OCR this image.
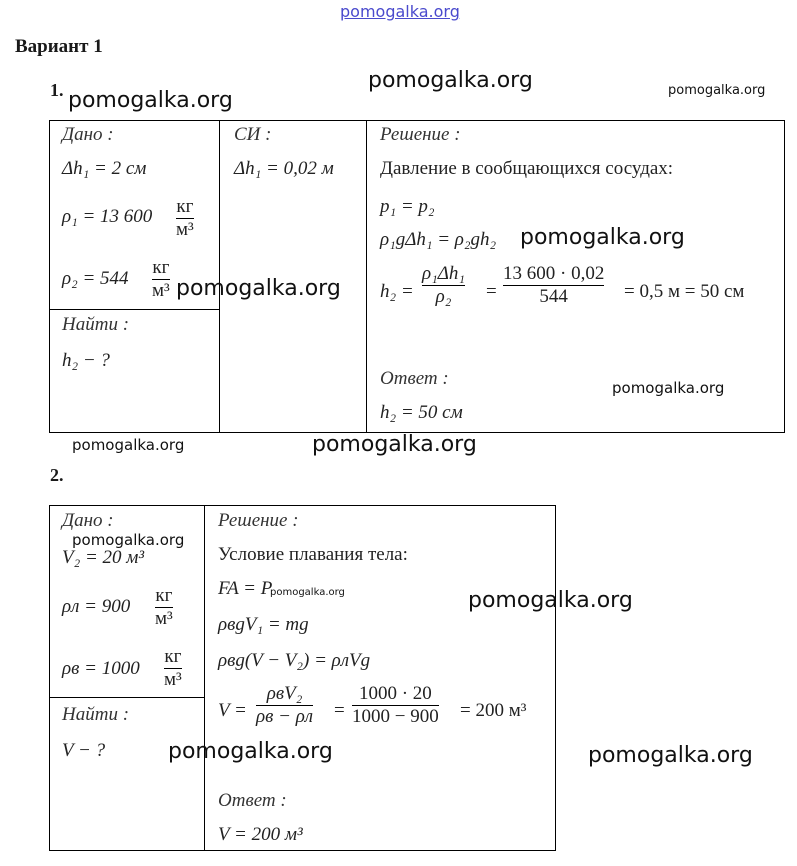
pomogalka.org
Вариант 1
1.
Дано :
Δh₁ = 2 см
ρ₁ = 13 600 кг
м³
ρ₂ = 544
кг
м³
Найти :
h₂ − ?
СИ :
Δh₁ = 0,02 м
Решение :
Давление в сообщающихся сосудах:
p₁ = p₂
ρ₁gΔh₁ = ρ₂gh₂
h₂ =
ρ₁Δh₁
ρ₂ =
13 600 · 0,02
544	= 0,5 м = 50 см
Ответ :
h₂ = 50 см
2.
Дано :
V₂ = 20 м³
ρл = 900
кг
м³
ρв = 1000
кг
м³
Найти :
V − ?
Решение :
Условие плавания тела:
FA = P
ρвgV₁ = mg
ρвg(V − V₂) = ρлVg
V =
ρвV₂
ρв − ρл =
1000 · 20
1000 − 900 = 200 м³
Ответ :
V = 200 м³
pomogalka.org	pomogalka.org
pomogalka.org
pomogalka.org
pomogalka.org
pomogalka.org
pomogalka.org	pomogalka.org
pomogalka.org
pomogalka.org	pomogalka.org
pomogalka.org	pomogalka.org
